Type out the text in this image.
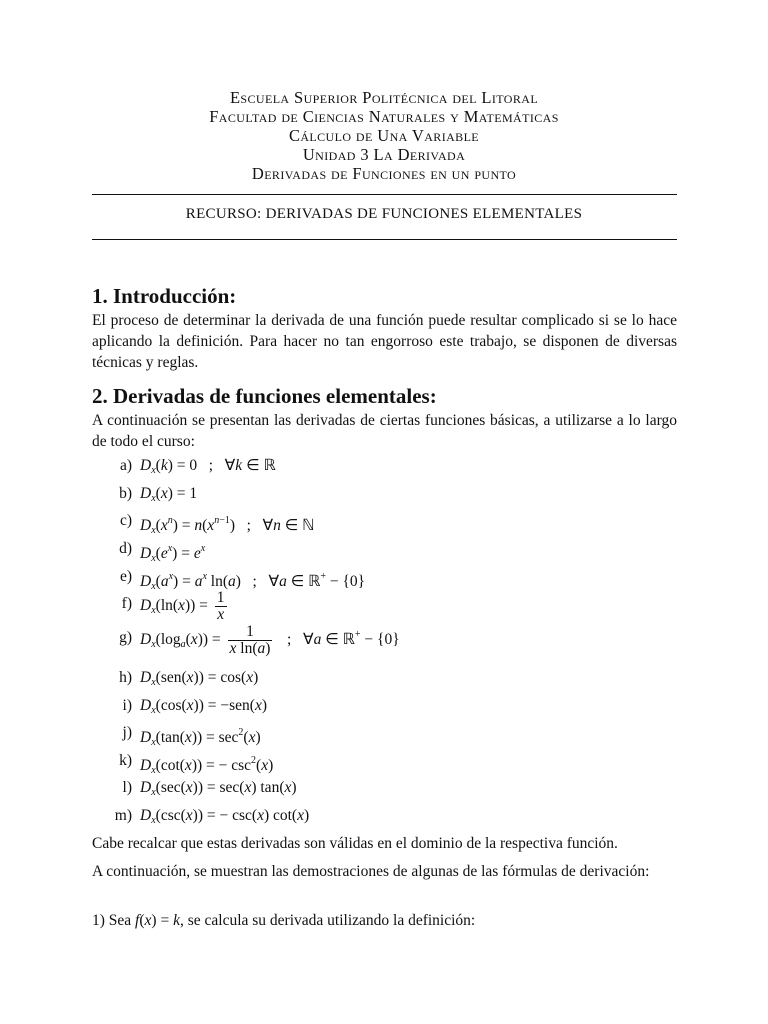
Escuela Superior Politécnica del Litoral
Facultad de Ciencias Naturales y Matemáticas
Cálculo de Una Variable
Unidad 3 La Derivada
Derivadas de Funciones en un punto
RECURSO: DERIVADAS DE FUNCIONES ELEMENTALES
1. Introducción:
El proceso de determinar la derivada de una función puede resultar complicado si se lo hace aplicando la definición. Para hacer no tan engorroso este trabajo, se disponen de diversas técnicas y reglas.
2. Derivadas de funciones elementales:
A continuación se presentan las derivadas de ciertas funciones básicas, a utilizarse a lo largo de todo el curso:
a) $D_x(k) = 0$   ;   ∀k ∈ ℝ
b) $D_x(x) = 1$
c) $D_x(x^n) = n(x^{n-1})$   ;   ∀n ∈ ℕ
d) $D_x(e^x) = e^x$
e) $D_x(a^x) = a^x$ ln(a)   ;   ∀a ∈ ℝ+ − {0}
f) $D_x(\ln(x)) = \frac{1}{x}$
g) $D_x(\log_a(x)) = \frac{1}{\text{x ln(a)}}$ ;   ∀a ∈ ℝ+ − {0}
h) $D_x(sen(x)) = \cos(x)$
i) $D_x(\cos(x)) = -sen(x)$
j) $D_x(\tan(x)) = \sec^2(x)$
k) $D_x(\cot(x))$ = − $\csc^2(x)$
l) $D_x(\sec(x)) = \sec(x)$ tan(x)
m) $D_x(\csc(x))$ = − csc(x) cot(x)
Cabe recalcar que estas derivadas son válidas en el dominio de la respectiva función.
A continuación, se muestran las demostraciones de algunas de las fórmulas de derivación:
1) Sea f(x) = k, se calcula su derivada utilizando la definición:
